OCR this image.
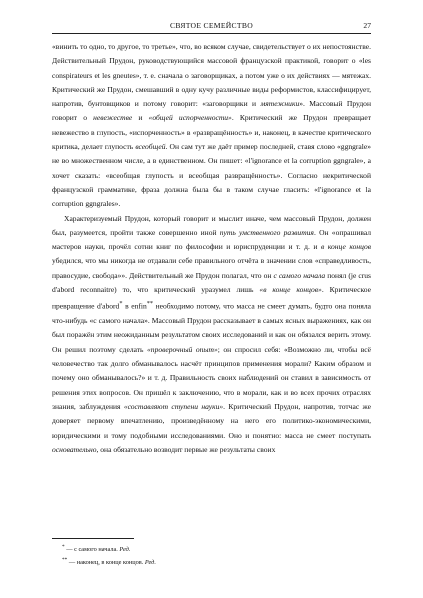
СВЯТОЕ СЕМЕЙСТВО	27

«винить то одно, то другое, то третье», что, во всяком случае, свидетельствует о их непостоянстве. Действительный Прудон, руководствующийся массовой французской практикой, говорит о «les conspirateurs et les gneutes», т. е. сначала о заговорщиках, а потом уже о их действиях — мятежах. Критический же Прудон, смешавший в одну кучу различные виды реформистов, классифицирует, напротив, бунтовщиков и потому говорит: «заговорщики и мятежники». Массовый Прудон говорит о невежестве и «общей испорченности». Критический же Прудон превращает невежество в глупость, «испорченность» в «развращённость» и, наконец, в качестве критического критика, делает глупость всеобщей. Он сам тут же даёт пример последней, ставя слово «ggngrale» не во множественном числе, а в единственном. Он пишет: «l'ignorance et la corruption ggngrale», а хочет сказать: «всеобщая глупость и всеобщая развращённость». Согласно некритической французской грамматике, фраза должна была бы в таком случае гласить: «l'ignorance et la corruption ggngrales».

Характеризуемый Прудон, который говорит и мыслит иначе, чем массовый Прудон, должен был, разумеется, пройти также совершенно иной путь умственного развития. Он «опрашивал мастеров науки, прочёл сотни книг по философии и юриспруденции и т. д. и в конце концов убедился, что мы никогда не отдавали себе правильного отчёта в значении слов «справедливость, правосудие, свобода»». Действительный же Прудон полагал, что он с самого начала понял (je crus d'abord reconnaitre) то, что критический уразумел лишь «в конце концов». Критическое превращение d'abord* в enfin** необходимо потому, что масса не смеет думать, будто она поняла что-нибудь «с самого начала». Массовый Прудон рассказывает в самых ясных выражениях, как он был поражён этим неожиданным результатом своих исследований и как он обязался верить этому. Он решил поэтому сделать «проверочный опыт»; он спросил себя: «Возможно ли, чтобы всё человечество так долго обманывалось насчёт принципов применения морали? Каким образом и почему оно обманывалось?» и т. д. Правильность своих наблюдений он ставил в зависимость от решения этих вопросов. Он пришёл к заключению, что в морали, как и во всех прочих отраслях знания, заблуждения «составляют ступени науки». Критический Прудон, напротив, тотчас же доверяет первому впечатлению, произведённому на него его политико-экономическими, юридическими и тому подобными исследованиями. Оно и понятно: масса не смеет поступать основательно, она обязательно возводит первые же результаты своих

* — с самого начала. Ред.
** — наконец, в конце концов. Ред.
